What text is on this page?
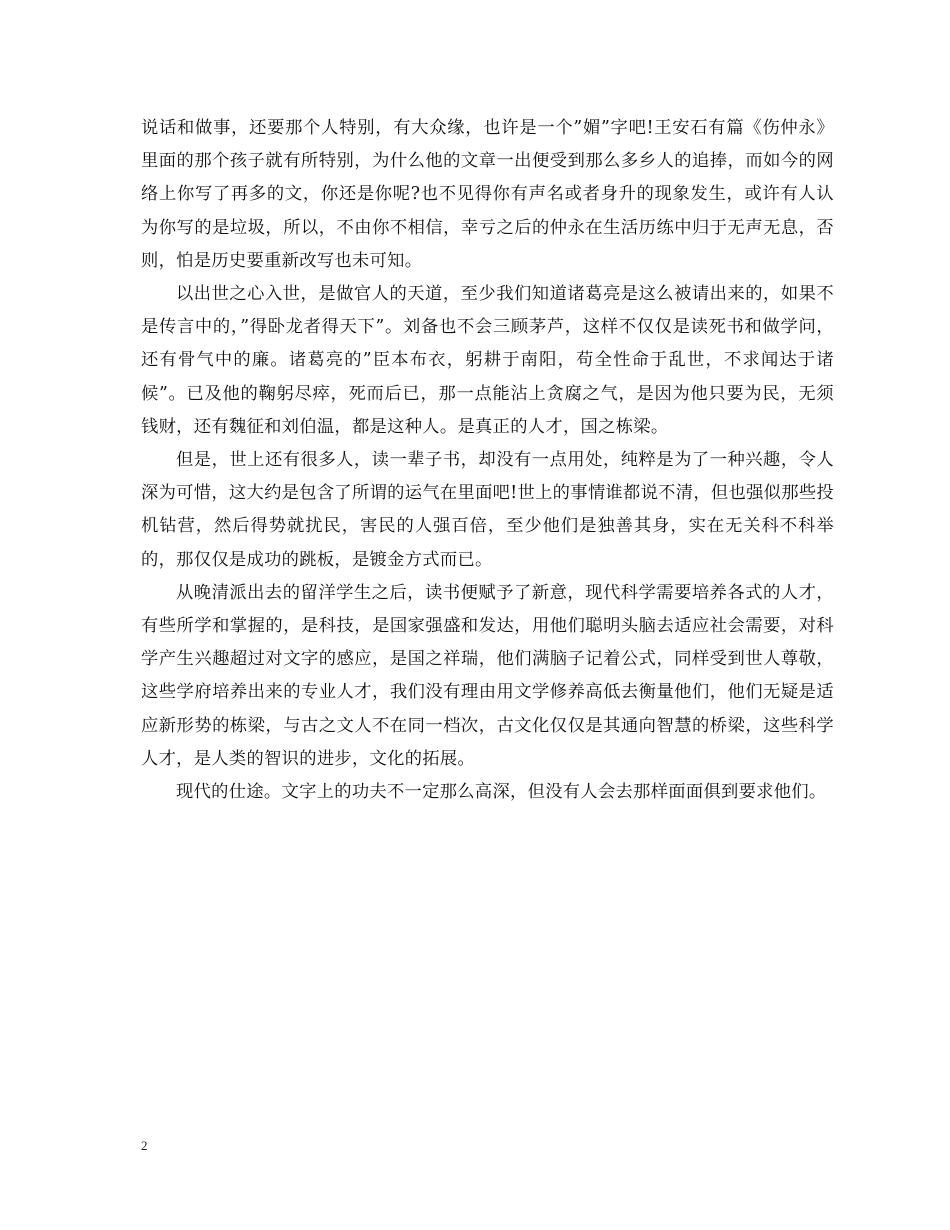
说话和做事，还要那个人特别，有大众缘，也许是一个”媚”字吧!王安石有篇《伤仲永》里面的那个孩子就有所特别，为什么他的文章一出便受到那么多乡人的追捧，而如今的网络上你写了再多的文，你还是你呢?也不见得你有声名或者身升的现象发生，或许有人认为你写的是垃圾，所以，不由你不相信，幸亏之后的仲永在生活历练中归于无声无息，否则，怕是历史要重新改写也未可知。

以出世之心入世，是做官人的天道，至少我们知道诸葛亮是这么被请出来的，如果不是传言中的，”得卧龙者得天下”。刘备也不会三顾茅芦，这样不仅仅是读死书和做学问，还有骨气中的廉。诸葛亮的”臣本布衣，躬耕于南阳，苟全性命于乱世，不求闻达于诸候”。已及他的鞠躬尽瘁，死而后已，那一点能沾上贪腐之气，是因为他只要为民，无须钱财，还有魏征和刘伯温，都是这种人。是真正的人才，国之栋梁。

但是，世上还有很多人，读一辈子书，却没有一点用处，纯粹是为了一种兴趣，令人深为可惜，这大约是包含了所谓的运气在里面吧!世上的事情谁都说不清，但也强似那些投机钻营，然后得势就扰民，害民的人强百倍，至少他们是独善其身，实在无关科不科举的，那仅仅是成功的跳板，是镀金方式而已。

从晚清派出去的留洋学生之后，读书便赋予了新意，现代科学需要培养各式的人才，有些所学和掌握的，是科技，是国家强盛和发达，用他们聪明头脑去适应社会需要，对科学产生兴趣超过对文字的感应，是国之祥瑞，他们满脑子记着公式，同样受到世人尊敬，这些学府培养出来的专业人才，我们没有理由用文学修养高低去衡量他们，他们无疑是适应新形势的栋梁，与古之文人不在同一档次，古文化仅仅是其通向智慧的桥梁，这些科学人才，是人类的智识的进步，文化的拓展。

现代的仕途。文字上的功夫不一定那么高深，但没有人会去那样面面俱到要求他们。

2
